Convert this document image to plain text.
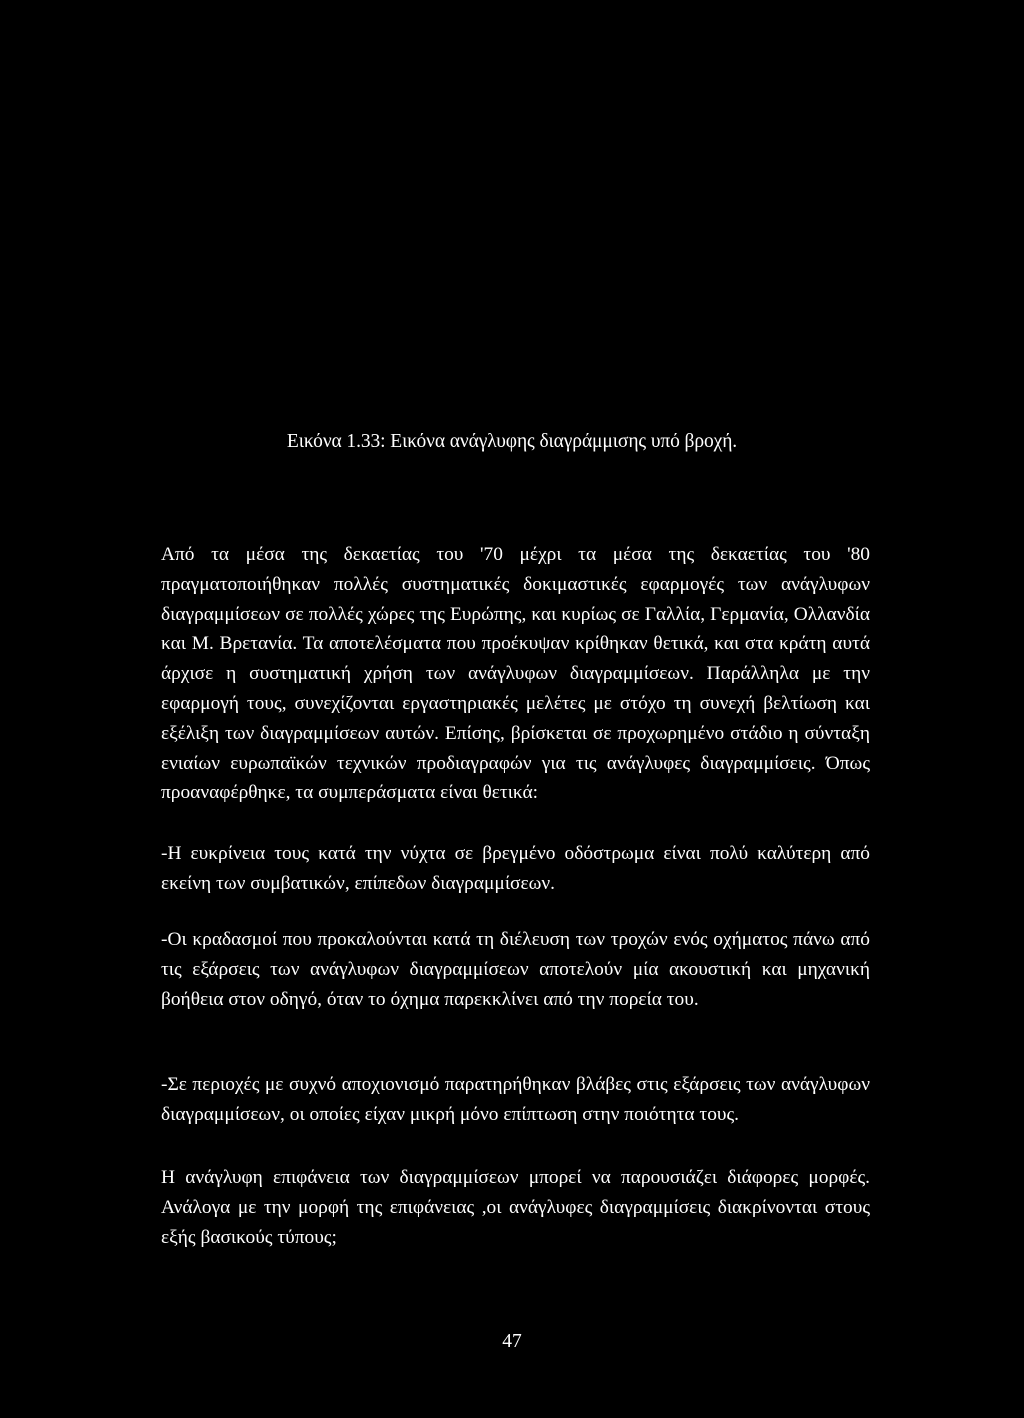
Εικόνα 1.33: Εικόνα ανάγλυφης διαγράμμισης υπό βροχή.

Από τα μέσα της δεκαετίας του '70 μέχρι τα μέσα της δεκαετίας του '80 πραγματοποιήθηκαν πολλές συστηματικές δοκιμαστικές εφαρμογές των ανάγλυφων διαγραμμίσεων σε πολλές χώρες της Ευρώπης, και κυρίως σε Γαλλία, Γερμανία, Ολλανδία και Μ. Βρετανία. Τα αποτελέσματα που προέκυψαν κρίθηκαν θετικά, και στα κράτη αυτά άρχισε η συστηματική χρήση των ανάγλυφων διαγραμμίσεων. Παράλληλα με την εφαρμογή τους, συνεχίζονται εργαστηριακές μελέτες με στόχο τη συνεχή βελτίωση και εξέλιξη των διαγραμμίσεων αυτών. Επίσης, βρίσκεται σε προχωρημένο στάδιο η σύνταξη ενιαίων ευρωπαϊκών τεχνικών προδιαγραφών για τις ανάγλυφες διαγραμμίσεις. Όπως προαναφέρθηκε, τα συμπεράσματα είναι θετικά:

-Η ευκρίνεια τους κατά την νύχτα σε βρεγμένο οδόστρωμα είναι πολύ καλύτερη από εκείνη των συμβατικών, επίπεδων διαγραμμίσεων.

-Οι κραδασμοί που προκαλούνται κατά τη διέλευση των τροχών ενός οχήματος πάνω από τις εξάρσεις των ανάγλυφων διαγραμμίσεων αποτελούν μία ακουστική και μηχανική βοήθεια στον οδηγό, όταν το όχημα παρεκκλίνει από την πορεία του.

-Σε περιοχές με συχνό αποχιονισμό παρατηρήθηκαν βλάβες στις εξάρσεις των ανάγλυφων διαγραμμίσεων, οι οποίες είχαν μικρή μόνο επίπτωση στην ποιότητα τους.

Η ανάγλυφη επιφάνεια των διαγραμμίσεων μπορεί να παρουσιάζει διάφορες μορφές. Ανάλογα με την μορφή της επιφάνειας ,οι ανάγλυφες διαγραμμίσεις διακρίνονται στους εξής βασικούς τύπους;

47
